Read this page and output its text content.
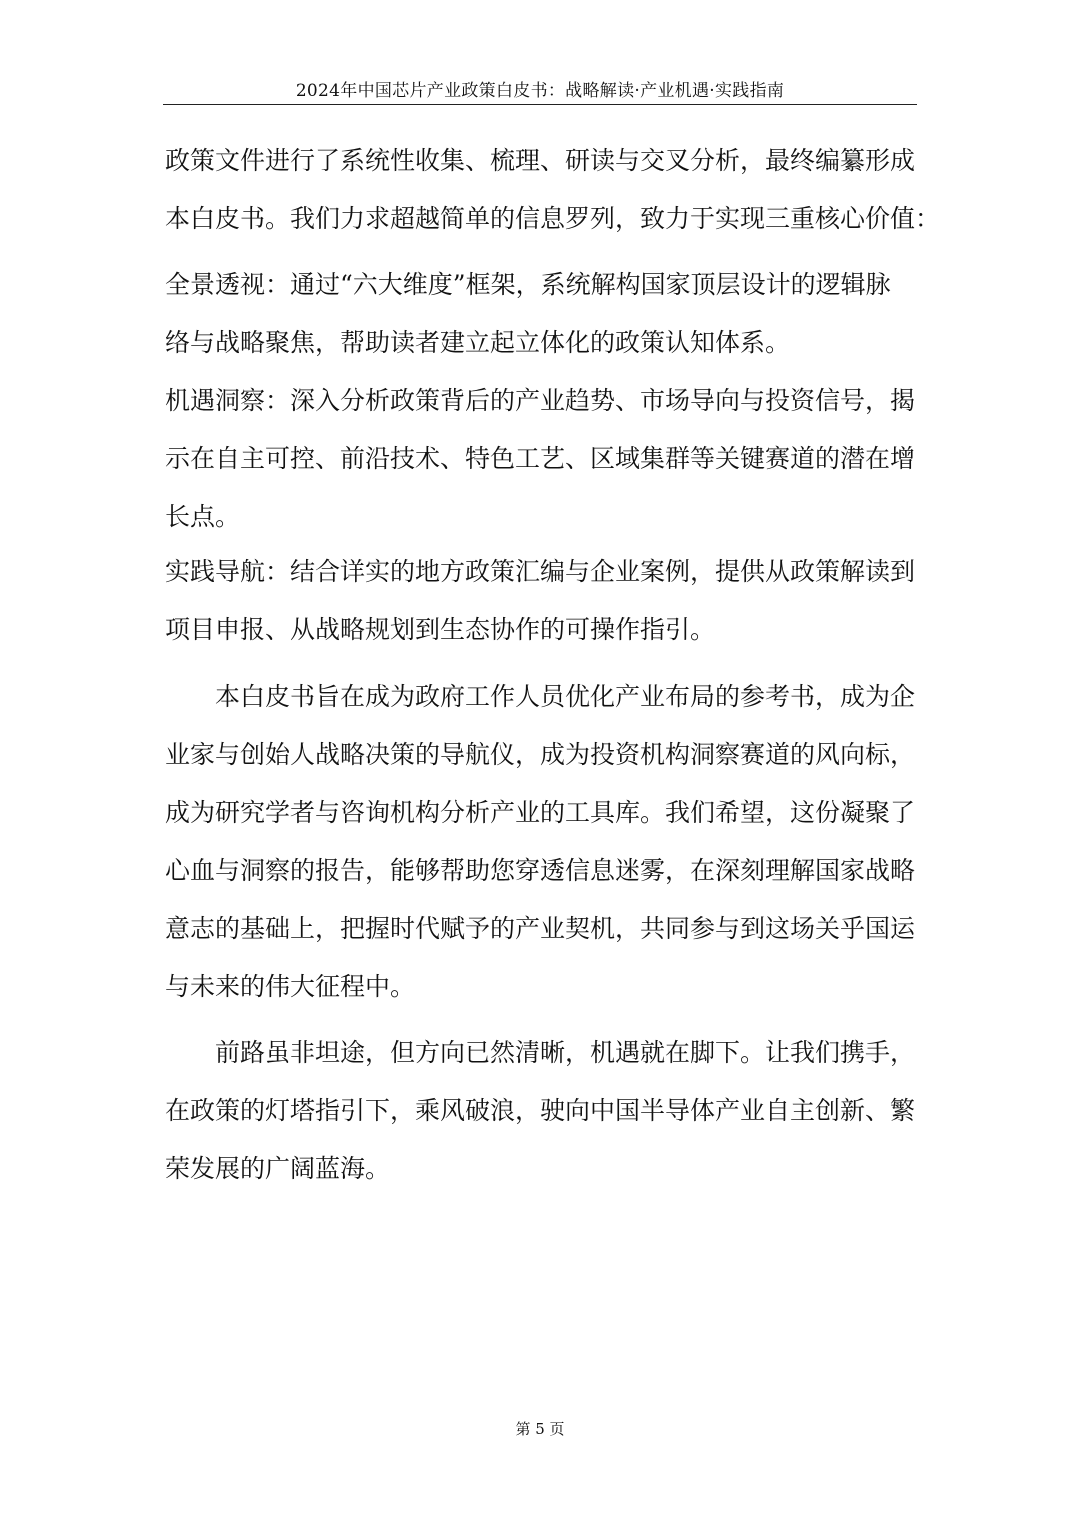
2024年中国芯片产业政策白皮书：战略解读·产业机遇·实践指南
政策文件进行了系统性收集、梳理、研读与交叉分析，最终编纂形成
本白皮书。我们力求超越简单的信息罗列，致力于实现三重核心价值：
全景透视：通过“六大维度”框架，系统解构国家顶层设计的逻辑脉
络与战略聚焦，帮助读者建立起立体化的政策认知体系。
机遇洞察：深入分析政策背后的产业趋势、市场导向与投资信号，揭
示在自主可控、前沿技术、特色工艺、区域集群等关键赛道的潜在增
长点。
实践导航：结合详实的地方政策汇编与企业案例，提供从政策解读到
项目申报、从战略规划到生态协作的可操作指引。
本白皮书旨在成为政府工作人员优化产业布局的参考书，成为企
业家与创始人战略决策的导航仪，成为投资机构洞察赛道的风向标，
成为研究学者与咨询机构分析产业的工具库。我们希望，这份凝聚了
心血与洞察的报告，能够帮助您穿透信息迷雾，在深刻理解国家战略
意志的基础上，把握时代赋予的产业契机，共同参与到这场关乎国运
与未来的伟大征程中。
前路虽非坦途，但方向已然清晰，机遇就在脚下。让我们携手，
在政策的灯塔指引下，乘风破浪，驶向中国半导体产业自主创新、繁
荣发展的广阔蓝海。
第 5 页
